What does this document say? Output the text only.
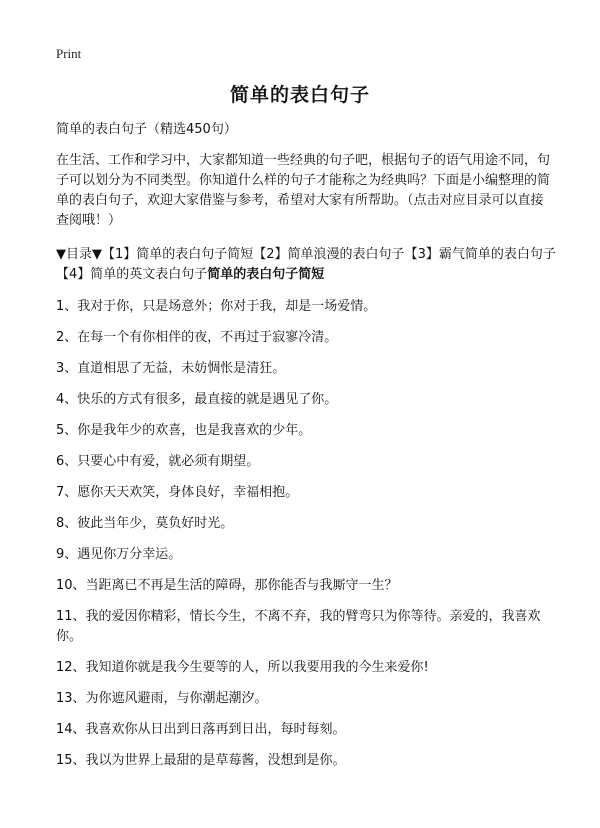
Print
简单的表白句子

简单的表白句子（精选450句）

在生活、工作和学习中，大家都知道一些经典的句子吧，根据句子的语气用途不同，句子可以划分为不同类型。你知道什么样的句子才能称之为经典吗？下面是小编整理的简单的表白句子，欢迎大家借鉴与参考，希望对大家有所帮助。（点击对应目录可以直接查阅哦！）

▼目录▼【1】简单的表白句子简短【2】简单浪漫的表白句子【3】霸气简单的表白句子【4】简单的英文表白句子简单的表白句子简短

1、我对于你，只是场意外；你对于我，却是一场爱情。
2、在每一个有你相伴的夜，不再过于寂寥冷清。
3、直道相思了无益，未妨惆怅是清狂。
4、快乐的方式有很多，最直接的就是遇见了你。
5、你是我年少的欢喜，也是我喜欢的少年。
6、只要心中有爱，就必须有期望。
7、愿你天天欢笑，身体良好，幸福相抱。
8、彼此当年少，莫负好时光。
9、遇见你万分幸运。
10、当距离已不再是生活的障碍，那你能否与我厮守一生？
11、我的爱因你精彩，情长今生，不离不弃，我的臂弯只为你等待。亲爱的，我喜欢你。
12、我知道你就是我今生要等的人，所以我要用我的今生来爱你!
13、为你遮风避雨，与你潮起潮汐。
14、我喜欢你从日出到日落再到日出，每时每刻。
15、我以为世界上最甜的是草莓酱，没想到是你。
